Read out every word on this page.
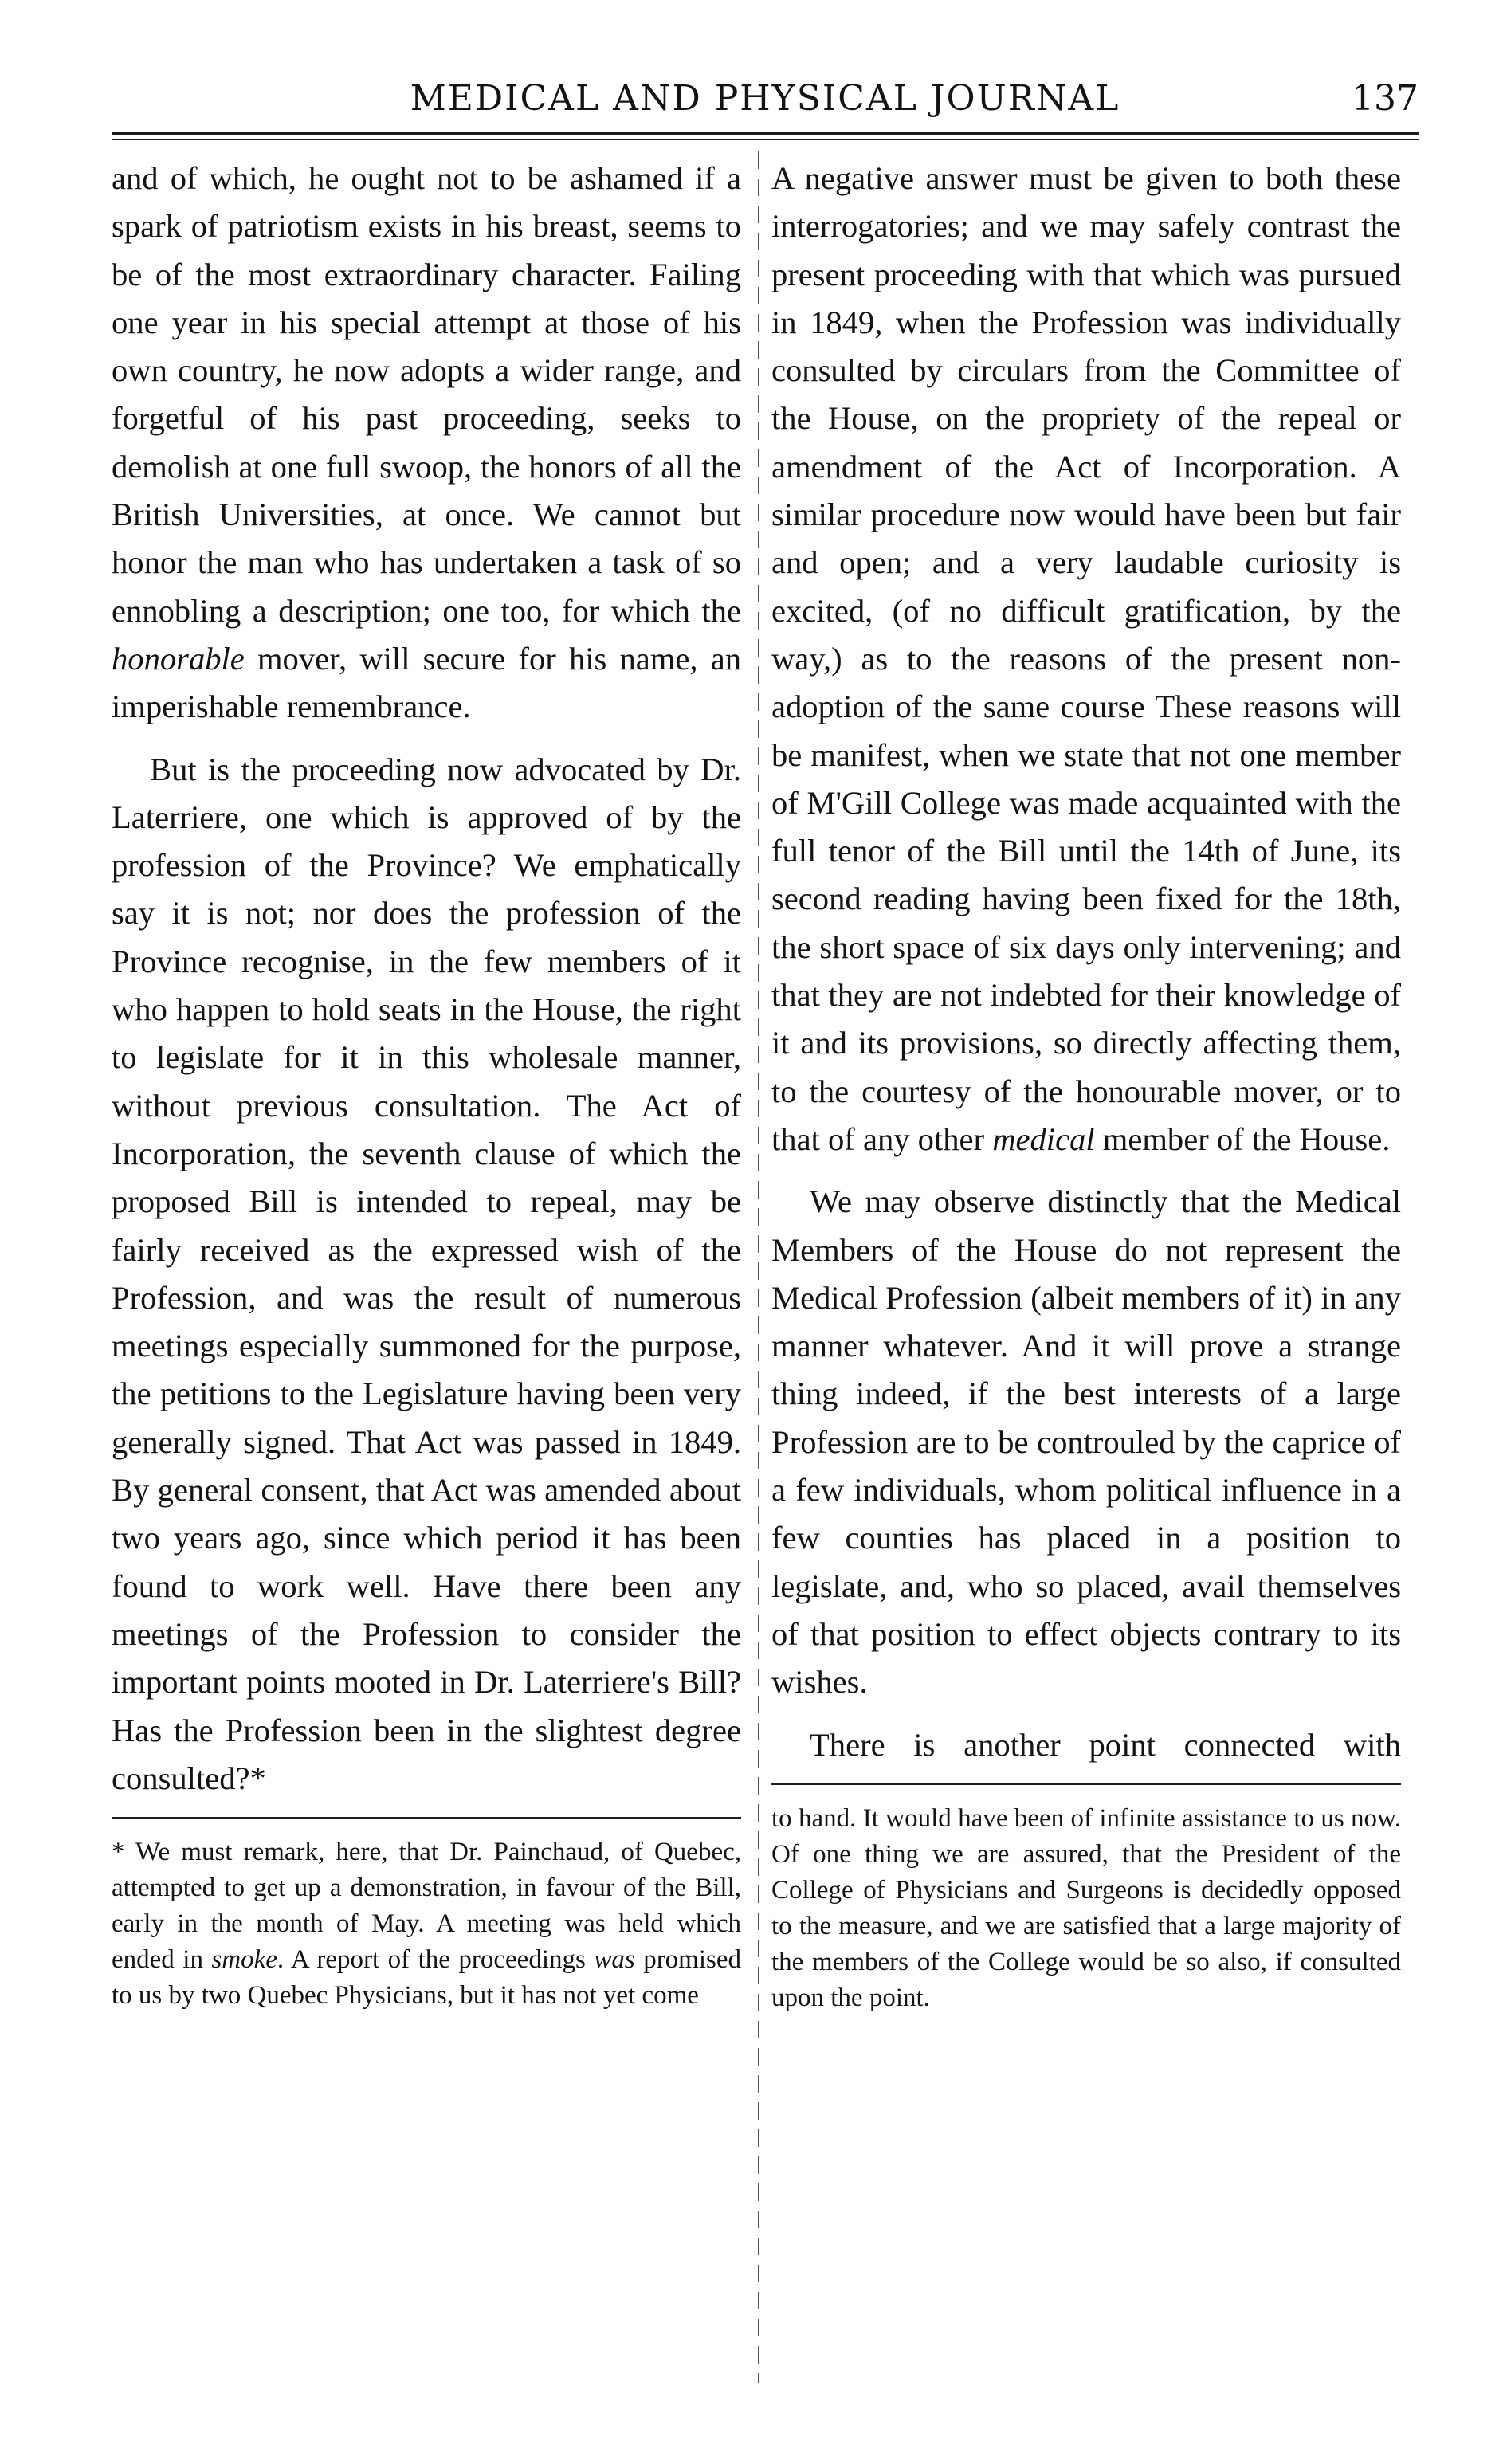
MEDICAL AND PHYSICAL JOURNAL	137

and of which, he ought not to be ashamed if a spark of patriotism exists in his breast, seems to be of the most extraordinary character. Failing one year in his special attempt at those of his own country, he now adopts a wider range, and forgetful of his past proceeding, seeks to demolish at one full swoop, the honors of all the British Universities, at once. We cannot but honor the man who has undertaken a task of so ennobling a description; one too, for which the honorable mover, will secure for his name, an imperishable remembrance.

But is the proceeding now advocated by Dr. Laterriere, one which is approved of by the profession of the Province? We emphatically say it is not; nor does the profession of the Province recognise, in the few members of it who happen to hold seats in the House, the right to legislate for it in this wholesale manner, without previous consultation. The Act of Incorporation, the seventh clause of which the proposed Bill is intended to repeal, may be fairly received as the expressed wish of the Profession, and was the result of numerous meetings especially summoned for the purpose, the petitions to the Legislature having been very generally signed. That Act was passed in 1849. By general consent, that Act was amended about two years ago, since which period it has been found to work well. Have there been any meetings of the Profession to consider the important points mooted in Dr. Laterriere's Bill? Has the Profession been in the slightest degree consulted?*

* We must remark, here, that Dr. Painchaud, of Quebec, attempted to get up a demonstration, in favour of the Bill, early in the month of May. A meeting was held which ended in smoke. A report of the proceedings was promised to us by two Quebec Physicians, but it has not yet come

A negative answer must be given to both these interrogatories; and we may safely contrast the present proceeding with that which was pursued in 1849, when the Profession was individually consulted by circulars from the Committee of the House, on the propriety of the repeal or amendment of the Act of Incorporation. A similar procedure now would have been but fair and open; and a very laudable curiosity is excited, (of no difficult gratification, by the way,) as to the reasons of the present non-adoption of the same course These reasons will be manifest, when we state that not one member of M'Gill College was made acquainted with the full tenor of the Bill until the 14th of June, its second reading having been fixed for the 18th, the short space of six days only intervening; and that they are not indebted for their knowledge of it and its provisions, so directly affecting them, to the courtesy of the honourable mover, or to that of any other medical member of the House.

We may observe distinctly that the Medical Members of the House do not represent the Medical Profession (albeit members of it) in any manner whatever. And it will prove a strange thing indeed, if the best interests of a large Profession are to be controuled by the caprice of a few individuals, whom political influence in a few counties has placed in a position to legislate, and, who so placed, avail themselves of that position to effect objects contrary to its wishes.

There is another point connected with

to hand. It would have been of infinite assistance to us now. Of one thing we are assured, that the President of the College of Physicians and Surgeons is decidedly opposed to the measure, and we are satisfied that a large majority of the members of the College would be so also, if consulted upon the point.
